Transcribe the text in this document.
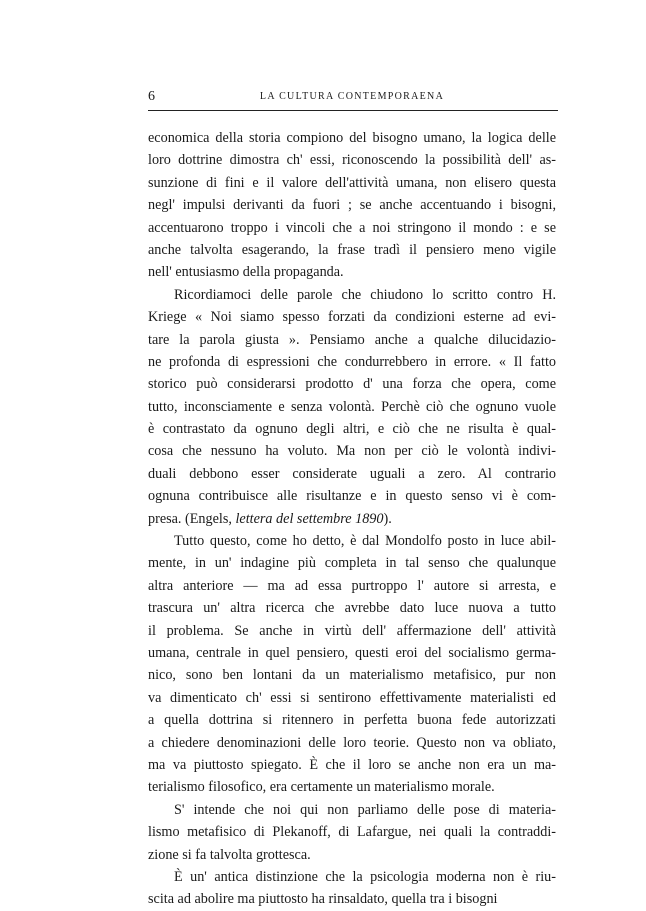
6	LA CULTURA CONTEMPORAENA
economica della storia compiono del bisogno umano, la logica delle
loro dottrine dimostra ch' essi, riconoscendo la possibilità dell' as-
sunzione di fini e il valore dell'attività umana, non elisero questa
negl' impulsi derivanti da fuori ; se anche accentuando i bisogni,
accentuarono troppo i vincoli che a noi stringono il mondo : e se
anche talvolta esagerando, la frase tradì il pensiero meno vigile
nell' entusiasmo della propaganda.
Ricordiamoci delle parole che chiudono lo scritto contro H.
Kriege « Noi siamo spesso forzati da condizioni esterne ad evi-
tare la parola giusta ». Pensiamo anche a qualche dilucidazio-
ne profonda di espressioni che condurrebbero in errore. « Il fatto
storico può considerarsi prodotto d' una forza che opera, come
tutto, inconsciamente e senza volontà. Perchè ciò che ognuno vuole
è contrastato da ognuno degli altri, e ciò che ne risulta è qual-
cosa che nessuno ha voluto. Ma non per ciò le volontà indivi-
duali debbono esser considerate uguali a zero. Al contrario
ognuna contribuisce alle risultanze e in questo senso vi è com-
presa. (Engels, lettera del settembre 1890).
Tutto questo, come ho detto, è dal Mondolfo posto in luce abil-
mente, in un' indagine più completa in tal senso che qualunque
altra anteriore — ma ad essa purtroppo l' autore si arresta, e
trascura un' altra ricerca che avrebbe dato luce nuova a tutto
il problema. Se anche in virtù dell' affermazione dell' attività
umana, centrale in quel pensiero, questi eroi del socialismo germa-
nico, sono ben lontani da un materialismo metafisico, pur non
va dimenticato ch' essi si sentirono effettivamente materialisti ed
a quella dottrina si ritennero in perfetta buona fede autorizzati
a chiedere denominazioni delle loro teorie. Questo non va obliato,
ma va piuttosto spiegato. È che il loro se anche non era un ma-
terialismo filosofico, era certamente un materialismo morale.
S' intende che noi qui non parliamo delle pose di materia-
lismo metafisico di Plekanoff, di Lafargue, nei quali la contraddi-
zione si fa talvolta grottesca.
È un' antica distinzione che la psicologia moderna non è riu-
scita ad abolire ma piuttosto ha rinsaldato, quella tra i bisogni
